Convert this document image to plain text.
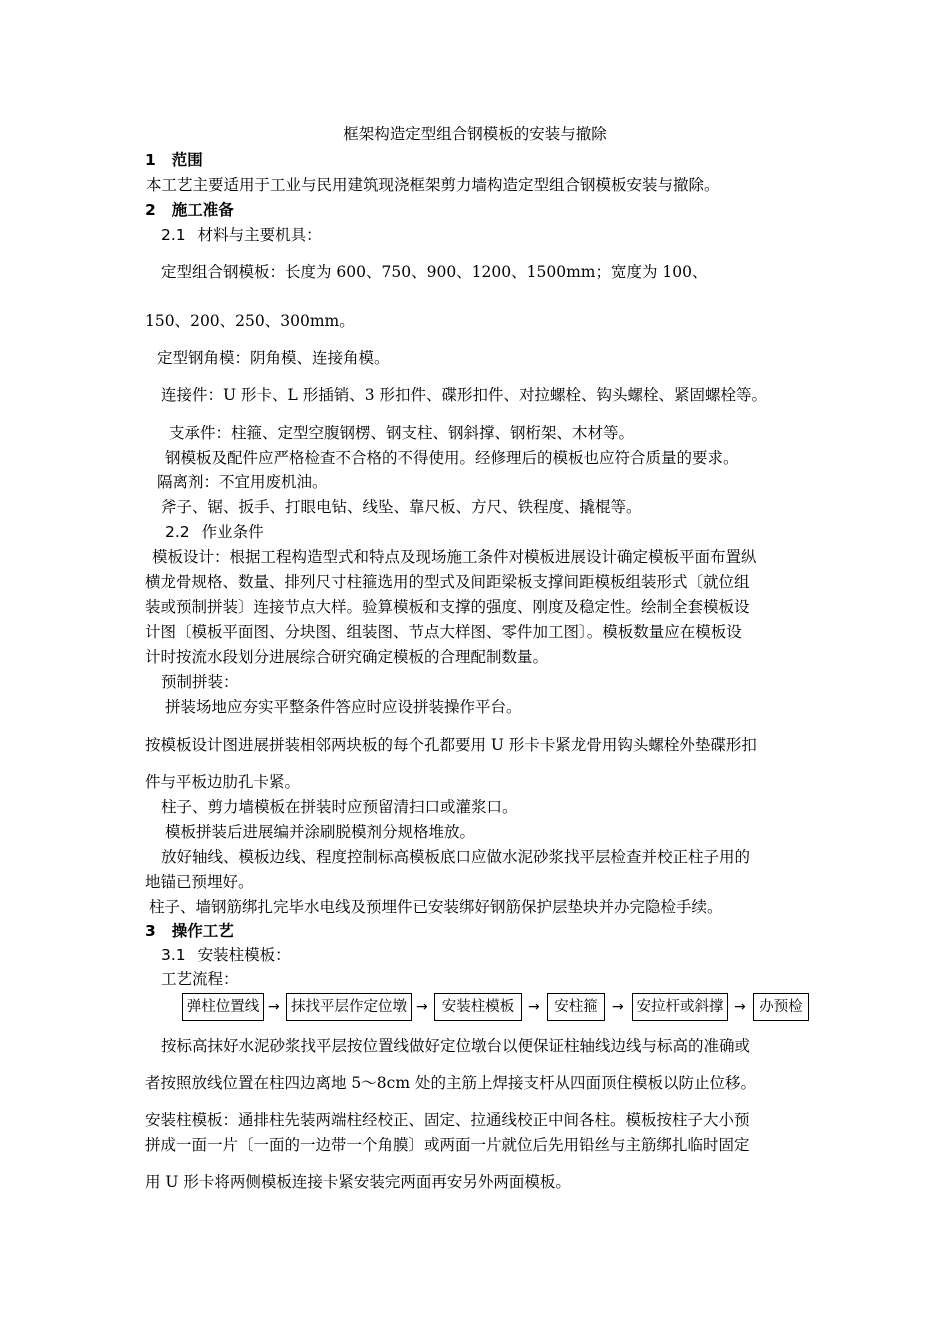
框架构造定型组合钢模板的安装与撤除
1 范围
本工艺主要适用于工业与民用建筑现浇框架剪力墙构造定型组合钢模板安装与撤除。
2 施工准备
2.1 材料与主要机具：
定型组合钢模板：长度为 600、750、900、1200、1500mm；宽度为 100、
150、200、250、300mm。
定型钢角模：阴角模、连接角模。
连接件：U 形卡、L 形插销、3 形扣件、碟形扣件、对拉螺栓、钩头螺栓、紧固螺栓等。
支承件：柱箍、定型空腹钢楞、钢支柱、钢斜撑、钢桁架、木材等。
钢模板及配件应严格检查不合格的不得使用。经修理后的模板也应符合质量的要求。
隔离剂：不宜用废机油。
斧子、锯、扳手、打眼电钻、线坠、靠尺板、方尺、铁程度、撬棍等。
2.2 作业条件
模板设计：根据工程构造型式和特点及现场施工条件对模板进展设计确定模板平面布置纵
横龙骨规格、数量、排列尺寸柱箍选用的型式及间距梁板支撑间距模板组装形式〔就位组
装或预制拼装〕连接节点大样。验算模板和支撑的强度、刚度及稳定性。绘制全套模板设
计图〔模板平面图、分块图、组装图、节点大样图、零件加工图〕。模板数量应在模板设
计时按流水段划分进展综合研究确定模板的合理配制数量。
预制拼装：
拼装场地应夯实平整条件答应时应设拼装操作平台。
按模板设计图进展拼装相邻两块板的每个孔都要用 U 形卡卡紧龙骨用钩头螺栓外垫碟形扣
件与平板边肋孔卡紧。
柱子、剪力墙模板在拼装时应预留清扫口或灌浆口。
模板拼装后进展编并涂刷脱模剂分规格堆放。
放好轴线、模板边线、程度控制标高模板底口应做水泥砂浆找平层检查并校正柱子用的
地锚已预埋好。
柱子、墙钢筋绑扎完毕水电线及预埋件已安装绑好钢筋保护层垫块并办完隐检手续。
3 操作工艺
3.1 安装柱模板：
工艺流程：
弹柱位置线 → 抹找平层作定位墩 → 安装柱模板 →	安柱箍	→ 安拉杆或斜撑 → 办预检
按标高抹好水泥砂浆找平层按位置线做好定位墩台以便保证柱轴线边线与标高的准确或
者按照放线位置在柱四边离地 5～8cm 处的主筋上焊接支杆从四面顶住模板以防止位移。
安装柱模板：通排柱先装两端柱经校正、固定、拉通线校正中间各柱。模板按柱子大小预
拼成一面一片〔一面的一边带一个角膜〕或两面一片就位后先用铅丝与主筋绑扎临时固定
用 U 形卡将两侧模板连接卡紧安装完两面再安另外两面模板。
